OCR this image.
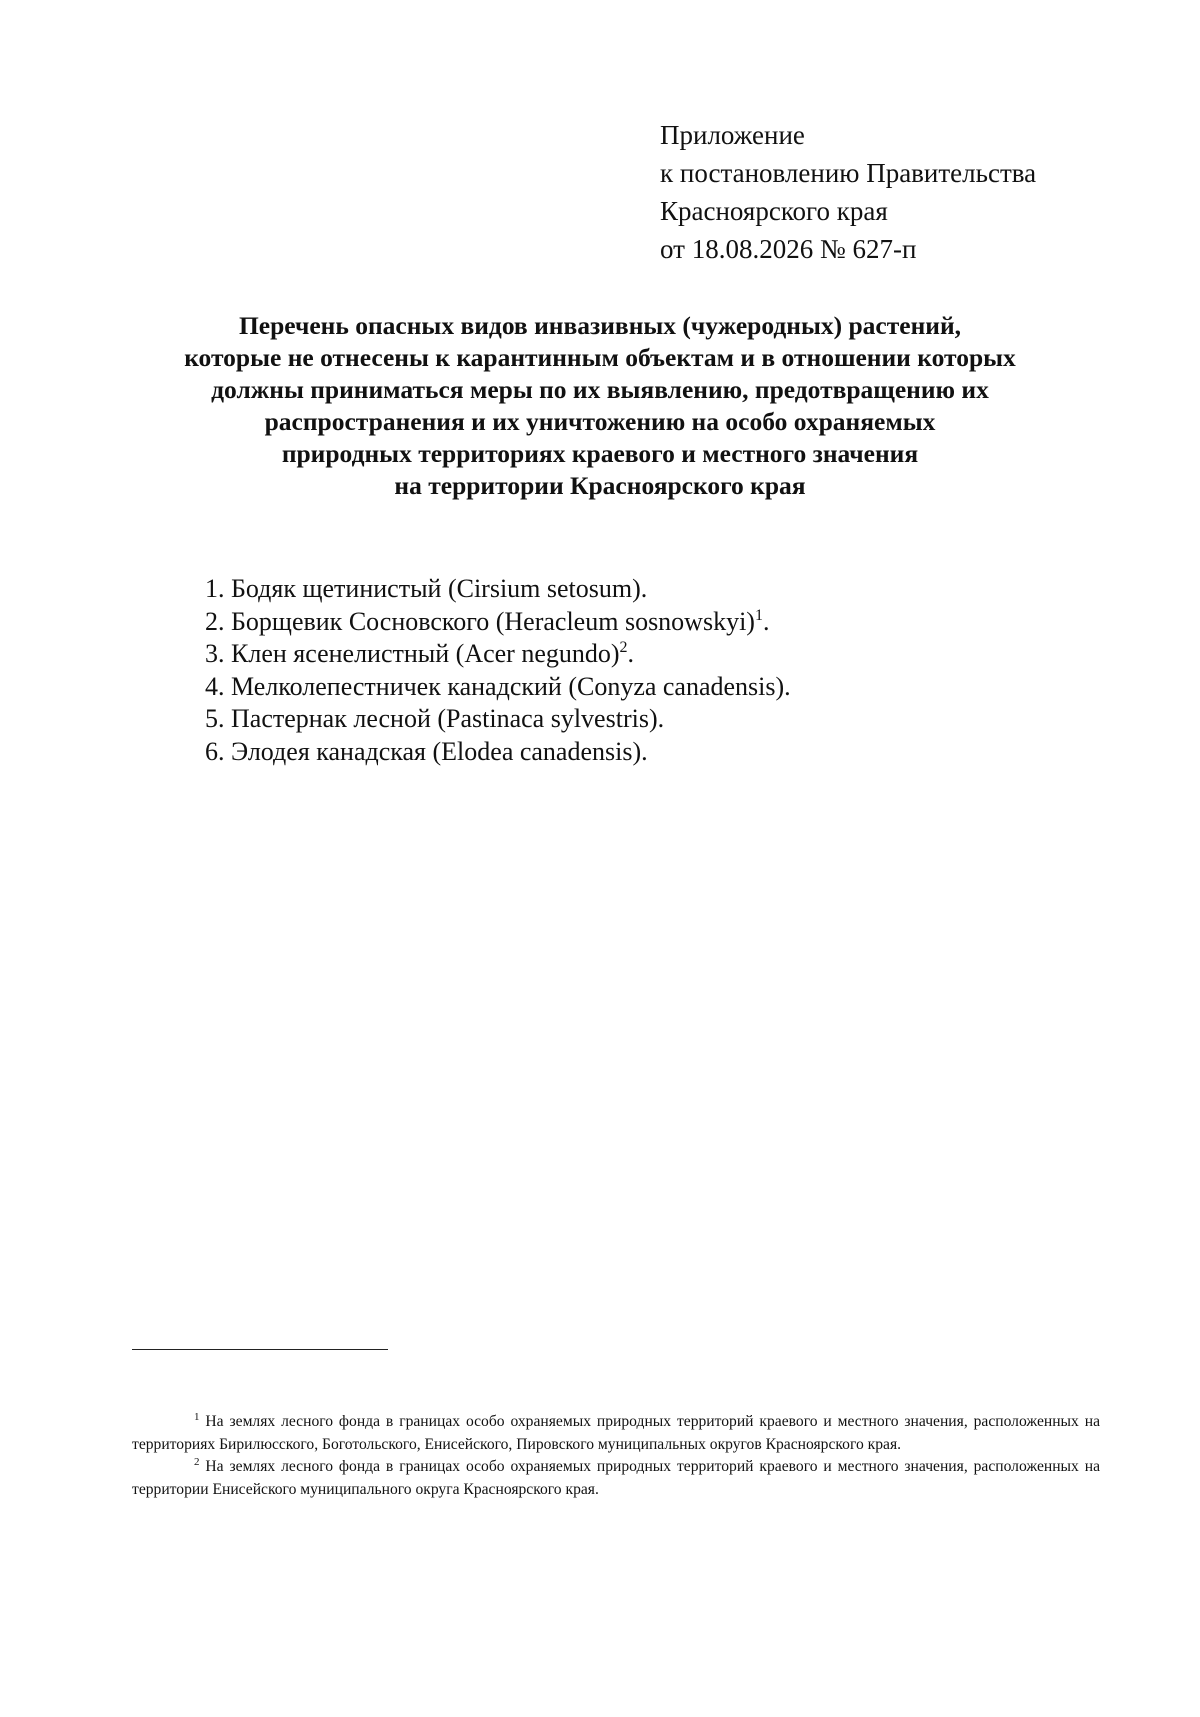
Приложение
к постановлению Правительства
Красноярского края
от 18.08.2026 № 627-п
Перечень опасных видов инвазивных (чужеродных) растений,
которые не отнесены к карантинным объектам и в отношении которых
должны приниматься меры по их выявлению, предотвращению их
распространения и их уничтожению на особо охраняемых
природных территориях краевого и местного значения
на территории Красноярского края
1. Бодяк щетинистый (Cirsium setosum).
2. Борщевик Сосновского (Heracleum sosnowskyi)$^1$.
3. Клен ясенелистный (Acer negundo)$^2$.
4. Мелколепестничек канадский (Conyza canadensis).
5. Пастернак лесной (Pastinaca sylvestris).
6. Элодея канадская (Elodea canadensis).

$^1$ На землях лесного фонда в границах особо охраняемых природных территорий краевого и местного значения, расположенных на территориях Бирилюсского, Боготольского, Енисейского, Пировского муниципальных округов Красноярского края.

$^2$ На землях лесного фонда в границах особо охраняемых природных территорий краевого и местного значения, расположенных на территории Енисейского муниципального округа Красноярского края.
